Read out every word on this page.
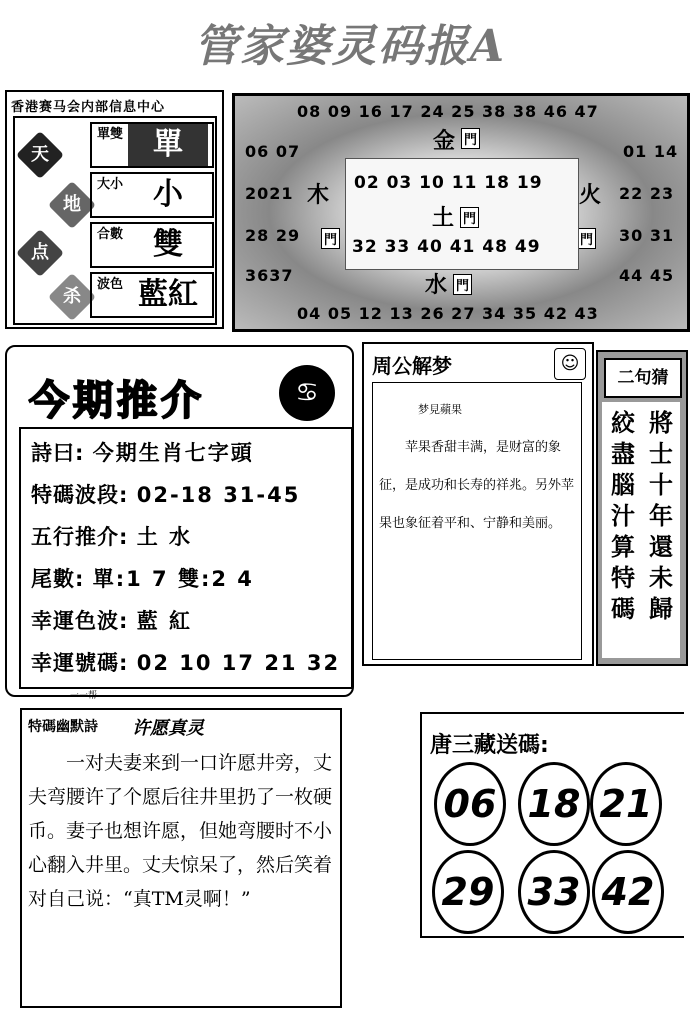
管家婆灵码报A
香港赛马会内部信息中心
天
地
点
杀
單雙	單
大小	小
合數	雙
波色 藍紅
08 09 16 17 24 25 38 38 46 47
金 門
06 07
2021
28 29
3637
木
門
01 14
22 23
30 31
44 45
火
門
02 03 10 11 18 19
土 門
32 33 40 41 48 49
水 門
04 05 12 13 26 27 34 35 42 43
今期推介	♋
詩曰: 今期生肖七字頭
特碼波段: 02-18 31-45
五行推介: 土 水
尾數: 單:1 7 雙:2 4
幸運色波: 藍 紅
幸運號碼: 02 10 17 21 32
一一帮
周公解梦	☺
梦見蘋果
苹果香甜丰满，是财富的象征，是成功和长寿的祥兆。另外苹果也象征着平和、宁静和美丽。
二句猜
將士十年還未歸
絞盡腦汁算特碼
特碼幽默詩 许愿真灵
一对夫妻来到一口许愿井旁，丈夫弯腰许了个愿后往井里扔了一枚硬币。妻子也想许愿，但她弯腰时不小心翻入井里。丈夫惊呆了，然后笑着对自己说：“真TM灵啊！”
唐三藏送碼:
06 18 21
29 33 42
